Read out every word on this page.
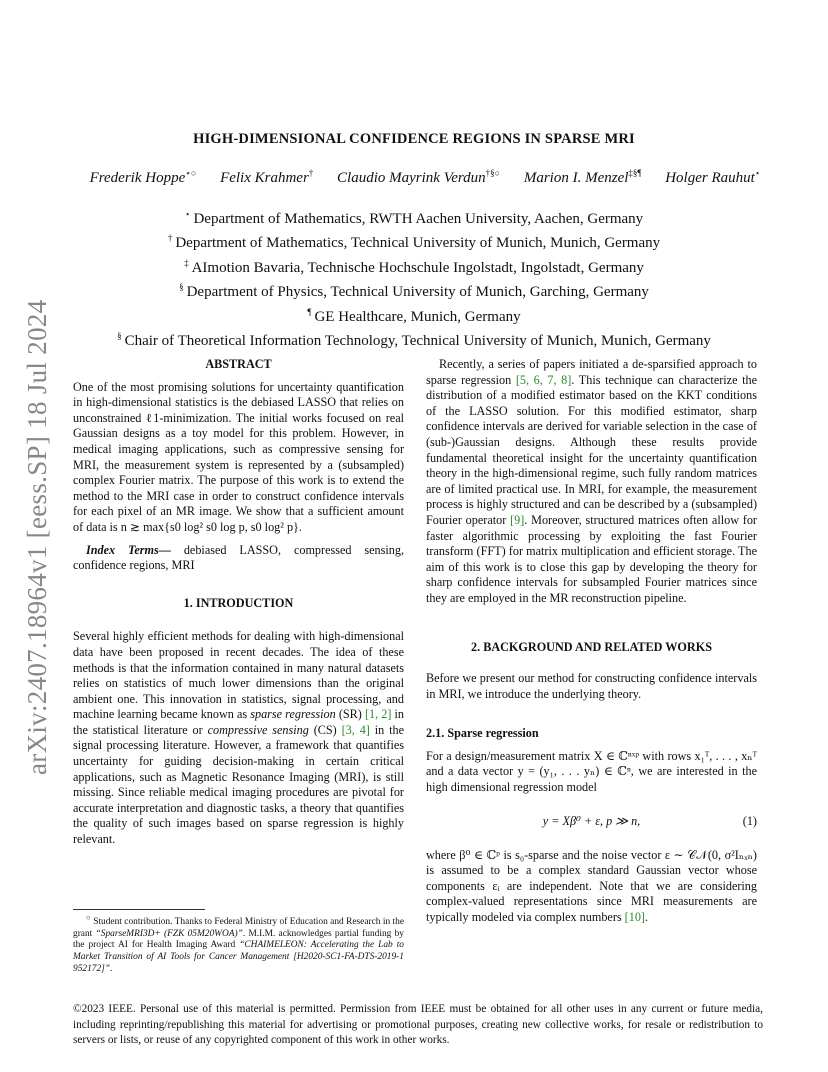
arXiv:2407.18964v1 [eess.SP] 18 Jul 2024
HIGH-DIMENSIONAL CONFIDENCE REGIONS IN SPARSE MRI
Frederik Hoppe⋆○ Felix Krahmer† Claudio Mayrink Verdun†§○ Marion I. Menzel‡§¶ Holger Rauhut⋆
⋆ Department of Mathematics, RWTH Aachen University, Aachen, Germany
† Department of Mathematics, Technical University of Munich, Munich, Germany
‡ AImotion Bavaria, Technische Hochschule Ingolstadt, Ingolstadt, Germany
§ Department of Physics, Technical University of Munich, Garching, Germany
¶ GE Healthcare, Munich, Germany
§ Chair of Theoretical Information Technology, Technical University of Munich, Munich, Germany
ABSTRACT

One of the most promising solutions for uncertainty quantification in high-dimensional statistics is the debiased LASSO that relies on unconstrained ℓ1-minimization. The initial works focused on real Gaussian designs as a toy model for this problem. However, in medical imaging applications, such as compressive sensing for MRI, the measurement system is represented by a (subsampled) complex Fourier matrix. The purpose of this work is to extend the method to the MRI case in order to construct confidence intervals for each pixel of an MR image. We show that a sufficient amount of data is n ≳ max{s0 log² s0 log p, s0 log² p}.

Index Terms— debiased LASSO, compressed sensing, confidence regions, MRI

1. INTRODUCTION

Several highly efficient methods for dealing with high-dimensional data have been proposed in recent decades. The idea of these methods is that the information contained in many natural datasets relies on statistics of much lower dimensions than the original ambient one. This innovation in statistics, signal processing, and machine learning became known as sparse regression (SR) [1, 2] in the statistical literature or compressive sensing (CS) [3, 4] in the signal processing literature. However, a framework that quantifies uncertainty for guiding decision-making in certain critical applications, such as Magnetic Resonance Imaging (MRI), is still missing. Since reliable medical imaging procedures are pivotal for accurate interpretation and diagnostic tasks, a theory that quantifies the quality of such images based on sparse regression is highly relevant.

○ Student contribution. Thanks to Federal Ministry of Education and Research in the grant “SparseMRI3D+ (FZK 05M20WOA)”. M.I.M. acknowledges partial funding by the project AI for Health Imaging Award “CHAIMELEON: Accelerating the Lab to Market Transition of AI Tools for Cancer Management [H2020-SC1-FA-DTS-2019-1 952172]”.

Recently, a series of papers initiated a de-sparsified approach to sparse regression [5, 6, 7, 8]. This technique can characterize the distribution of a modified estimator based on the KKT conditions of the LASSO solution. For this modified estimator, sharp confidence intervals are derived for variable selection in the case of (sub-)Gaussian designs. Although these results provide fundamental theoretical insight for the uncertainty quantification theory in the high-dimensional regime, such fully random matrices are of limited practical use. In MRI, for example, the measurement process is highly structured and can be described by a (subsampled) Fourier operator [9]. Moreover, structured matrices often allow for faster algorithmic processing by exploiting the fast Fourier transform (FFT) for matrix multiplication and efficient storage. The aim of this work is to close this gap by developing the theory for sharp confidence intervals for subsampled Fourier matrices since they are employed in the MR reconstruction pipeline.

2. BACKGROUND AND RELATED WORKS

Before we present our method for constructing confidence intervals in MRI, we introduce the underlying theory.

2.1. Sparse regression

For a design/measurement matrix X ∈ ℂⁿˣᵖ with rows x₁ᵀ, . . . , xₙᵀ and a data vector y = (y₁, . . . yₙ) ∈ ℂⁿ, we are interested in the high dimensional regression model

y = Xβ⁰ + ε, p ≫ n,	(1)

where β⁰ ∈ ℂᵖ is s₀-sparse and the noise vector ε ∼ 𝒞𝒩(0, σ²Iₙₓₙ) is assumed to be a complex standard Gaussian vector whose components εᵢ are independent. Note that we are considering complex-valued representations since MRI measurements are typically modeled via complex numbers [10].

©2023 IEEE. Personal use of this material is permitted. Permission from IEEE must be obtained for all other uses in any current or future media, including reprinting/republishing this material for advertising or promotional purposes, creating new collective works, for resale or redistribution to servers or lists, or reuse of any copyrighted component of this work in other works.
